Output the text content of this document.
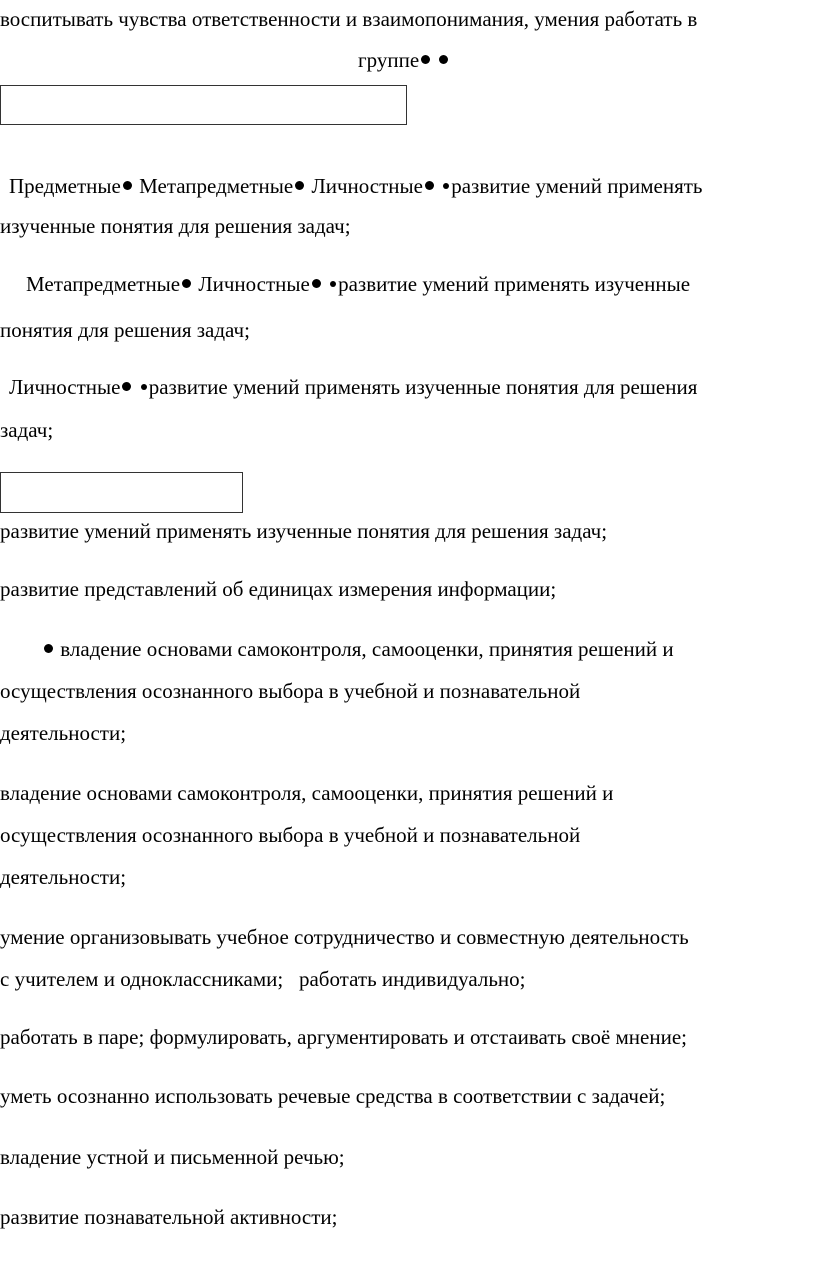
воспитывать чувства ответственности и взаимопонимания, умения работать в
группе
Предметные Метапредметные Личностные развитие умений применять
изученные понятия для решения задач;
Метапредметные Личностные развитие умений применять изученные
понятия для решения задач;
Личностные развитие умений применять изученные понятия для решения
задач;
развитие умений применять изученные понятия для решения задач;
развитие представлений об единицах измерения информации;
владение основами самоконтроля, самооценки, принятия решений и
осуществления осознанного выбора в учебной и познавательной
деятельности;
владение основами самоконтроля, самооценки, принятия решений и
осуществления осознанного выбора в учебной и познавательной
деятельности;
умение организовывать учебное сотрудничество и совместную деятельность
с учителем и одноклассниками; работать индивидуально;
работать в паре; формулировать, аргументировать и отстаивать своё мнение;
уметь осознанно использовать речевые средства в соответствии с задачей;
владение устной и письменной речью;
развитие познавательной активности;
